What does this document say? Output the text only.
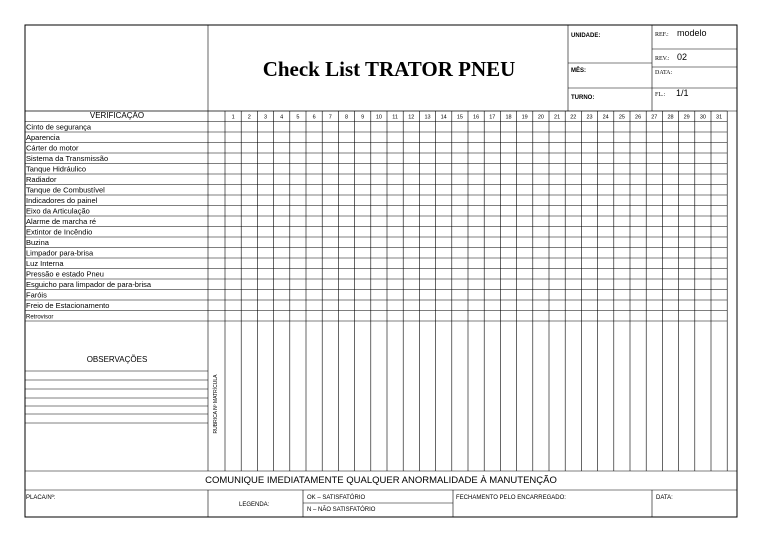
Check List TRATOR PNEU
UNIDADE:
MÊS:
TURNO:
REF.: modelo
REV.: 02
DATA:
FL.: 1/1
VERIFICAÇÃO	1 2 3 4 5 6 7 8 9 10 11 12 13 14 15 16 17 18 19 20 21 22 23 24 25 26 27 28 29 30 31
Cinto de segurança
Aparencia
Cárter do motor
Sistema da Transmissão
Tanque Hidráulico
Radiador
Tanque de Combustível
Indicadores do painel
Eixo da Articulação
Alarme de marcha ré
Extintor de Incêndio
Buzina
Limpador para-brisa
Luz Interna
Pressão e estado Pneu
Esguicho para limpador de para-brisa
Faróis
Freio de Estacionamento
Retrovisor
OBSERVAÇÕES
RUBRICA Nº MATRÍCULA
COMUNIQUE IMEDIATAMENTE QUALQUER ANORMALIDADE À MANUTENÇÃO
PLACA/Nº:
LEGENDA:
OK – SATISFATÓRIO
N – NÃO SATISFATÓRIO
FECHAMENTO PELO ENCARREGADO:	DATA:
